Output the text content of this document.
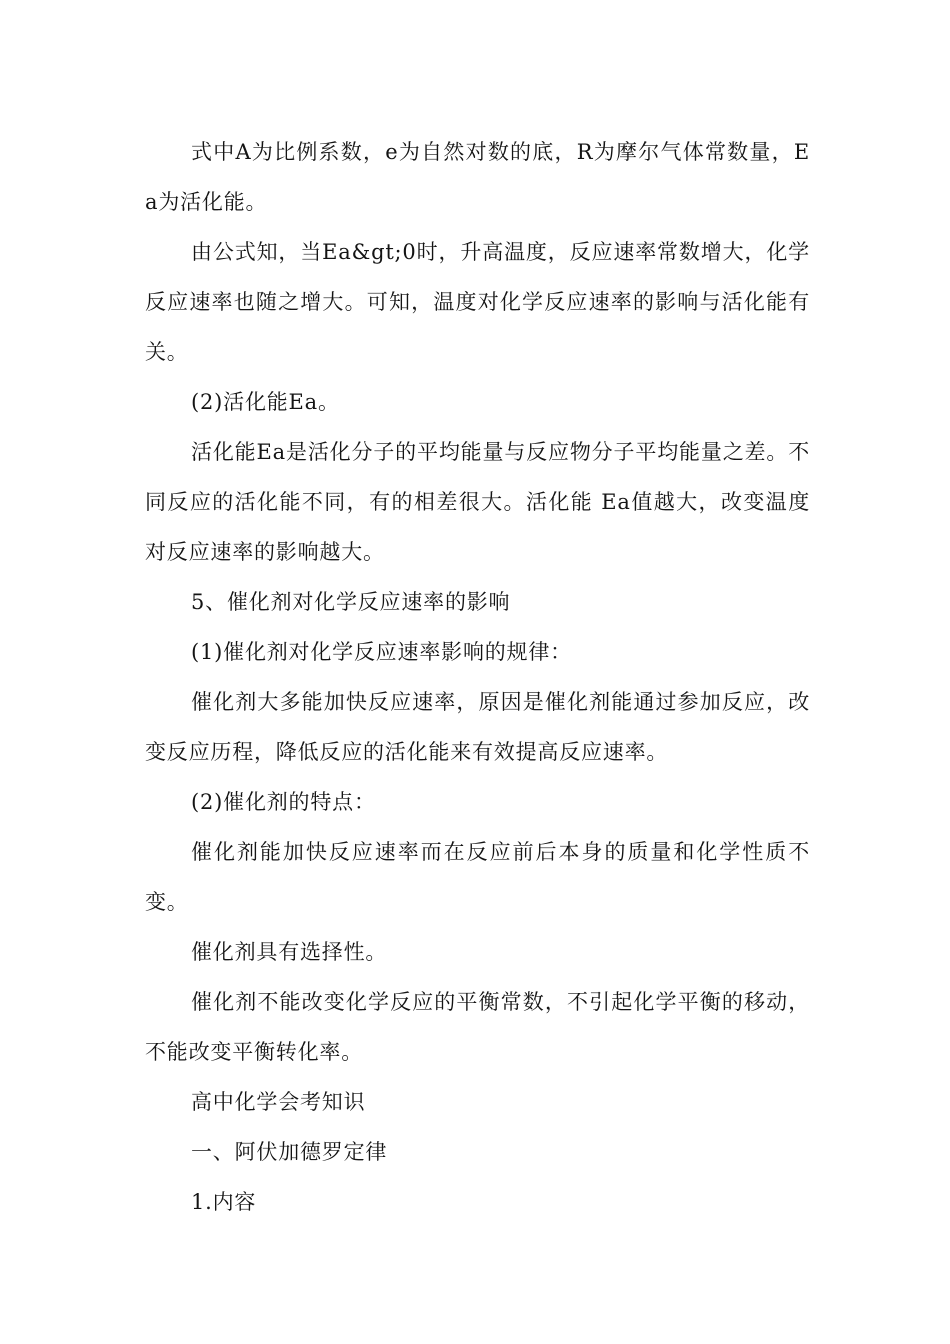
式中A为比例系数，e为自然对数的底，R为摩尔气体常数量，Ea为活化能。

由公式知，当Ea&gt;0时，升高温度，反应速率常数增大，化学反应速率也随之增大。可知，温度对化学反应速率的影响与活化能有关。

(2)活化能Ea。

活化能Ea是活化分子的平均能量与反应物分子平均能量之差。不同反应的活化能不同，有的相差很大。活化能 Ea值越大，改变温度对反应速率的影响越大。

5、催化剂对化学反应速率的影响

(1)催化剂对化学反应速率影响的规律：

催化剂大多能加快反应速率，原因是催化剂能通过参加反应，改变反应历程，降低反应的活化能来有效提高反应速率。

(2)催化剂的特点：

催化剂能加快反应速率而在反应前后本身的质量和化学性质不变。

催化剂具有选择性。

催化剂不能改变化学反应的平衡常数，不引起化学平衡的移动，不能改变平衡转化率。

高中化学会考知识

一、阿伏加德罗定律

1.内容
